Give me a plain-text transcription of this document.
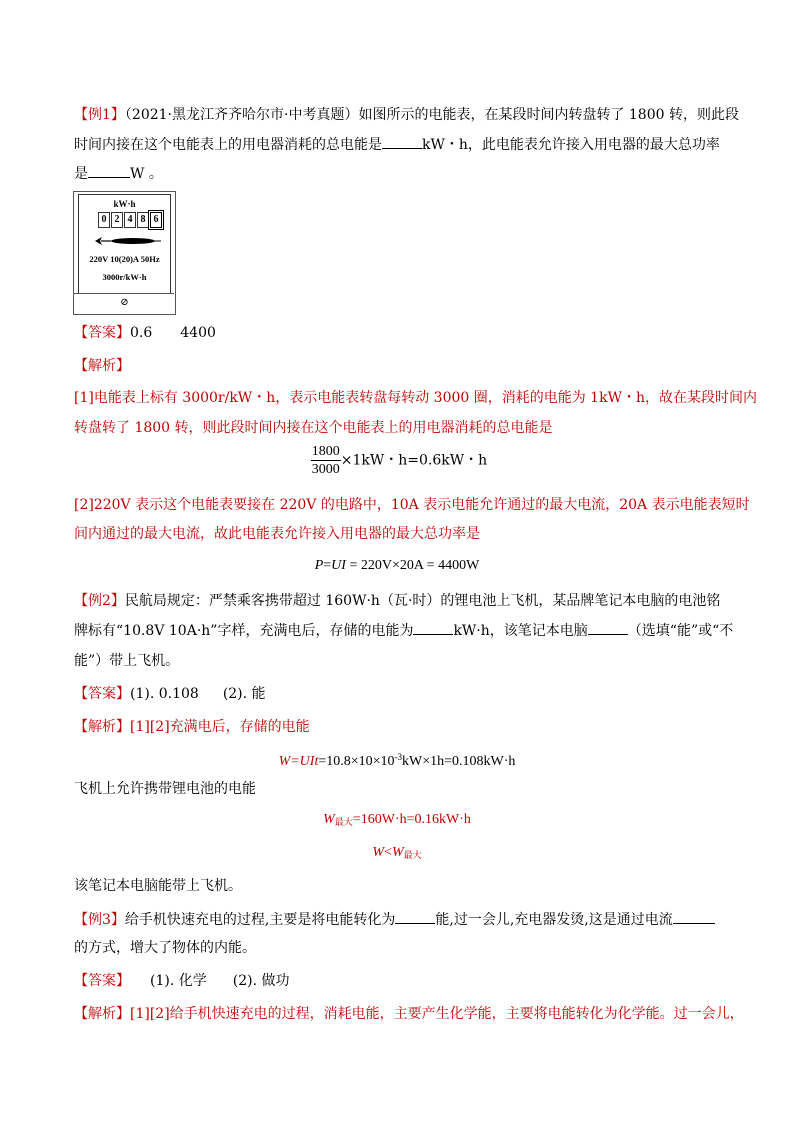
【例1】（2021·黑龙江齐齐哈尔市·中考真题）如图所示的电能表，在某段时间内转盘转了 1800 转，则此段
时间内接在这个电能表上的用电器消耗的总电能是	kW・h，此电能表允许接入用电器的最大总功率
是	W 。
kW·h
0 2 4 8 6
220V 10(20)A 50Hz
3000r/kW·h
⊘
【答案】0.6 4400
【解析】
[1]电能表上标有 3000r/kW・h，表示电能表转盘每转动 3000 圈，消耗的电能为 1kW・h，故在某段时间内
转盘转了 1800 转，则此段时间内接在这个电能表上的用电器消耗的总电能是
$\frac{1800}{3000} \times 1kW$・h=0.6kW・h
[2]220V 表示这个电能表要接在 220V 的电路中，10A 表示电能允许通过的最大电流，20A 表示电能表短时
间内通过的最大电流，故此电能表允许接入用电器的最大总功率是
P=UI = 220V×20A = 4400W
【例2】民航局规定：严禁乘客携带超过 160W·h（瓦·时）的锂电池上飞机，某品牌笔记本电脑的电池铭
牌标有“10.8V 10A·h”字样，充满电后，存储的电能为	kW·h，该笔记本电脑	（选填“能”或“不
能”）带上飞机。
【答案】(1). 0.108 (2). 能
【解析】[1][2]充满电后，存储的电能
$W=UIt=10.8\times 10\times 10^{-3}kW\times 1h=0.108kW\cdot h$
飞机上允许携带锂电池的电能
$W_{最大}=160W\cdot h=0.16kW\cdot h$
$W<W_{最大}$
该笔记本电脑能带上飞机。
【例3】给手机快速充电的过程,主要是将电能转化为	能,过一会儿,充电器发烫,这是通过电流
的方式，增大了物体的内能。
【答案】 (1). 化学 (2). 做功
【解析】[1][2]给手机快速充电的过程，消耗电能，主要产生化学能，主要将电能转化为化学能。过一会儿，
